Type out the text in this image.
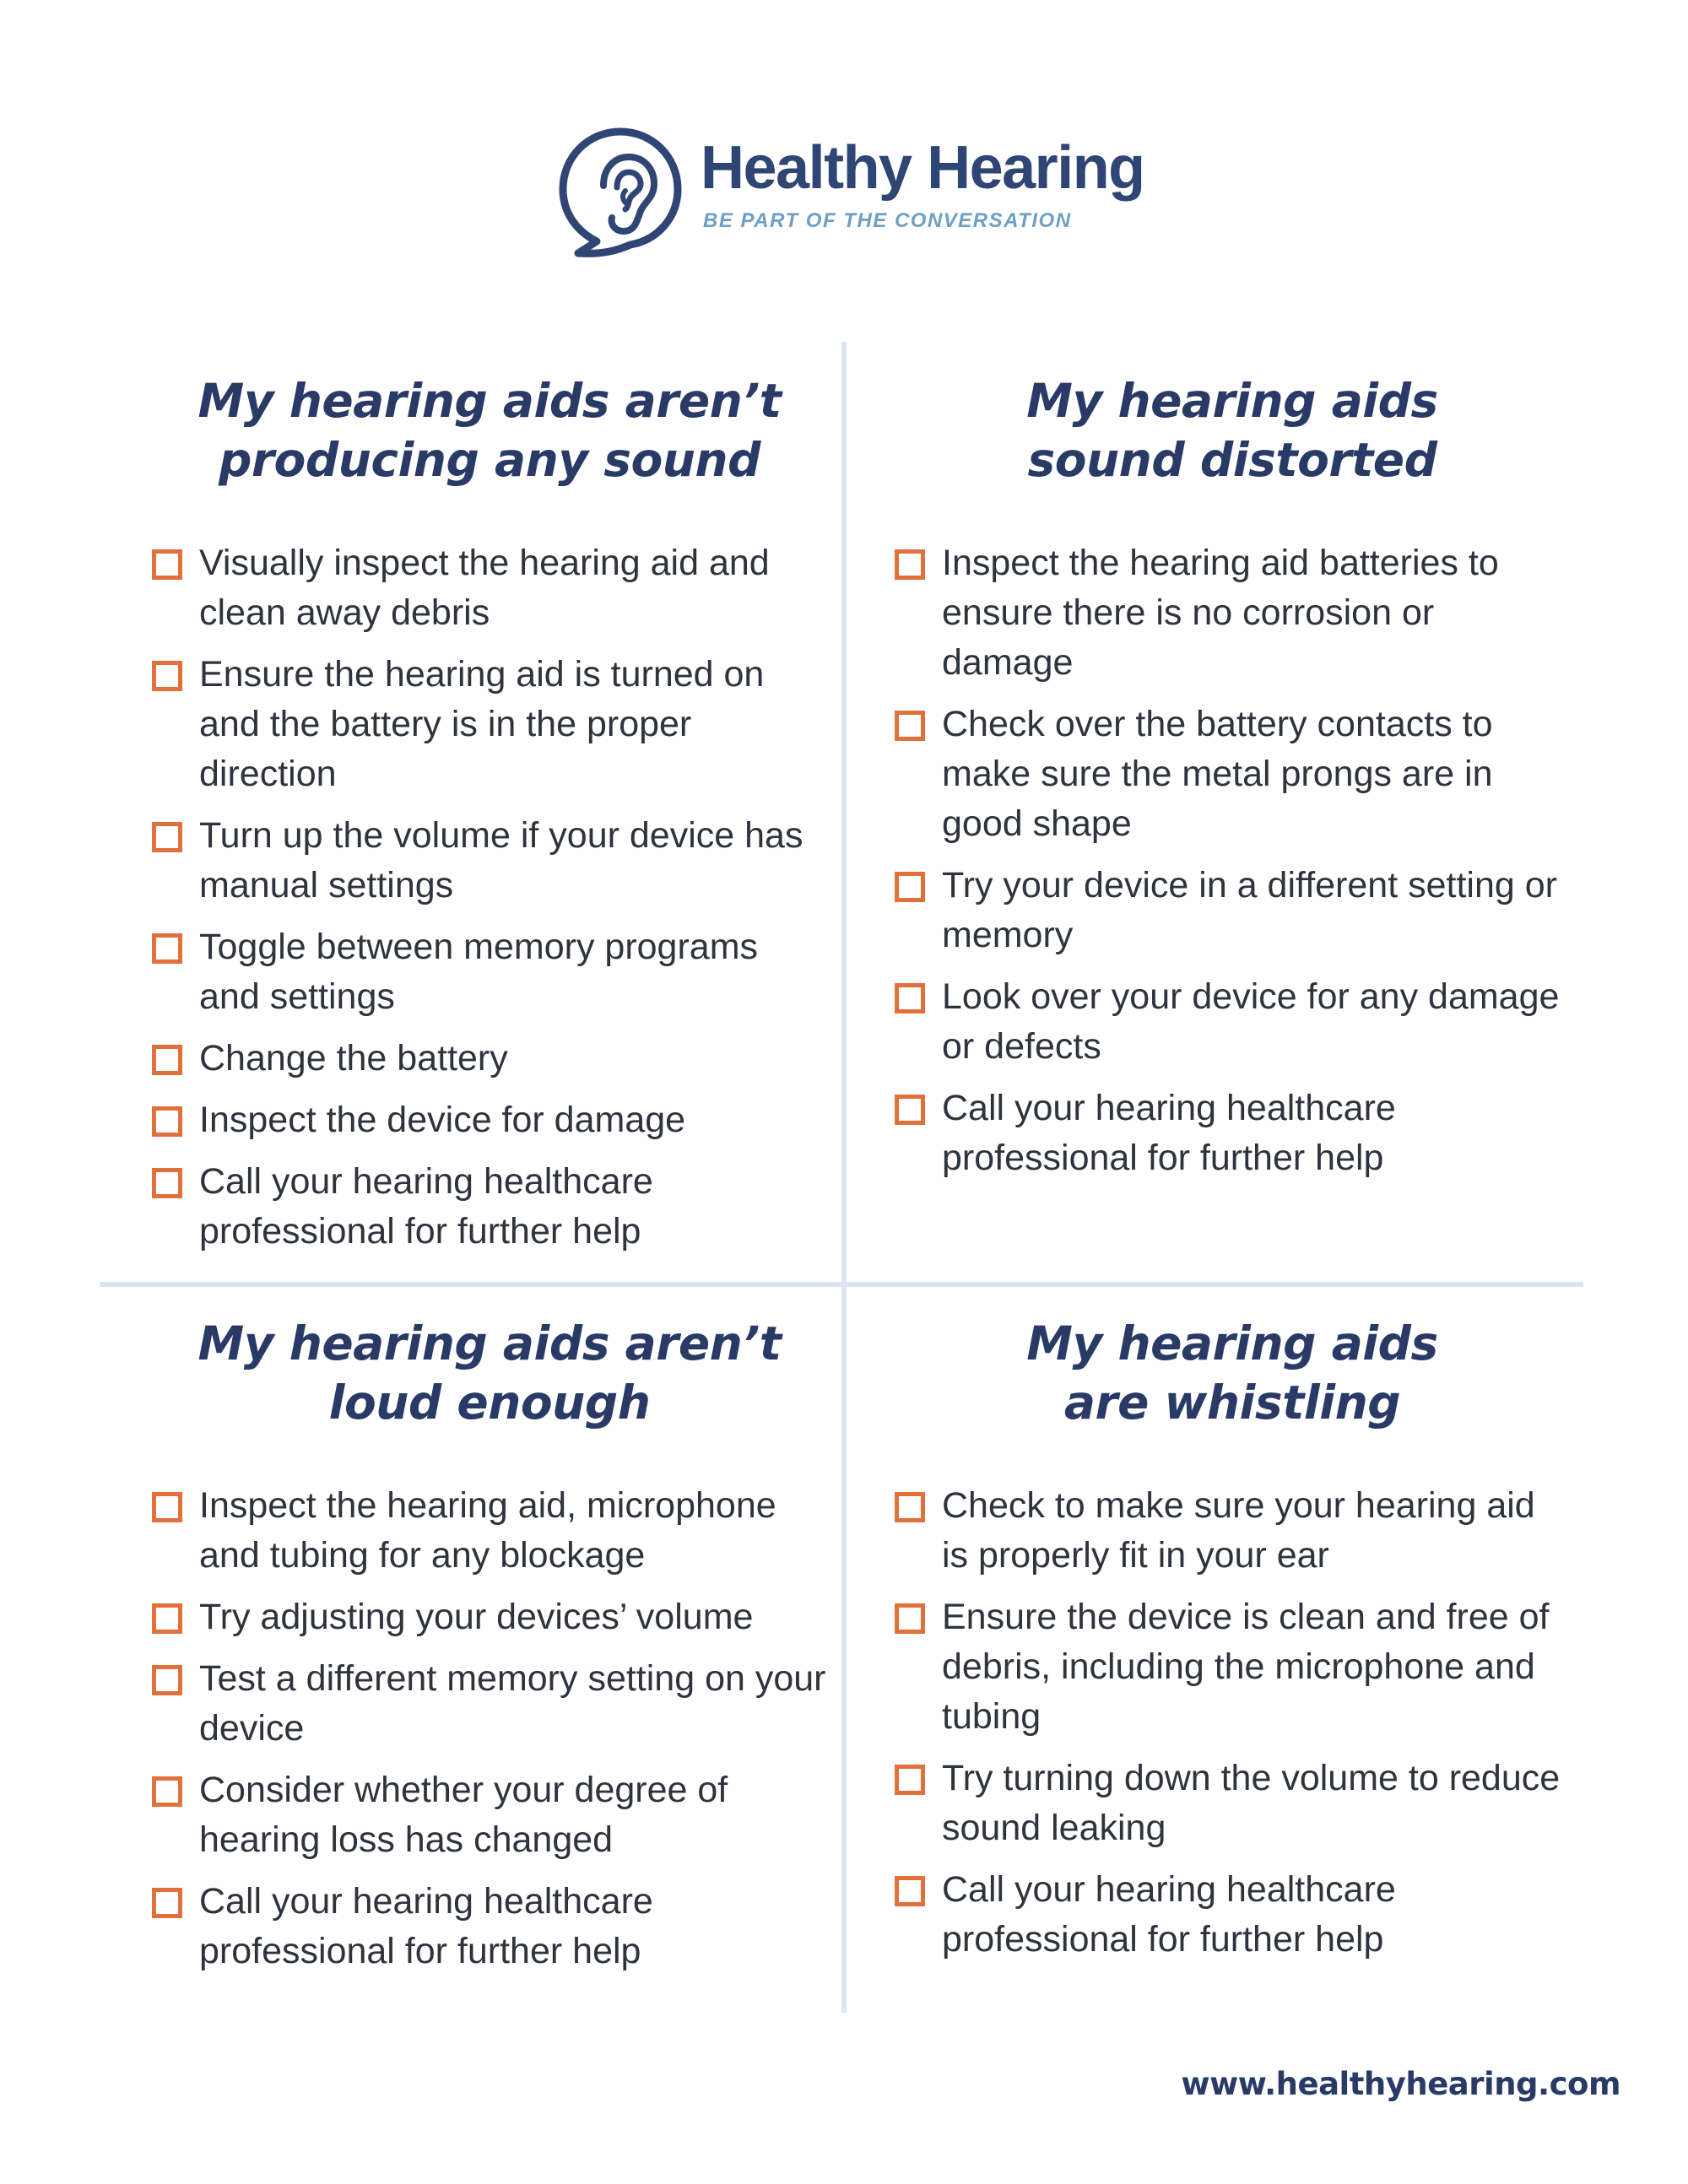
Healthy Hearing
BE PART OF THE CONVERSATION
My hearing aids aren’t
producing any sound
Visually inspect the hearing aid and clean away debris
Ensure the hearing aid is turned on and the battery is in the proper direction
Turn up the volume if your device has manual settings
Toggle between memory programs and settings
Change the battery
Inspect the device for damage
Call your hearing healthcare professional for further help
My hearing aids
sound distorted
Inspect the hearing aid batteries to ensure there is no corrosion or damage
Check over the battery contacts to make sure the metal prongs are in good shape
Try your device in a different setting or memory
Look over your device for any damage or defects
Call your hearing healthcare professional for further help
My hearing aids aren’t
loud enough
Inspect the hearing aid, microphone and tubing for any blockage
Try adjusting your devices’ volume
Test a different memory setting on your device
Consider whether your degree of hearing loss has changed
Call your hearing healthcare professional for further help
My hearing aids
are whistling
Check to make sure your hearing aid is properly fit in your ear
Ensure the device is clean and free of debris, including the microphone and tubing
Try turning down the volume to reduce sound leaking
Call your hearing healthcare professional for further help
www.healthyhearing.com
